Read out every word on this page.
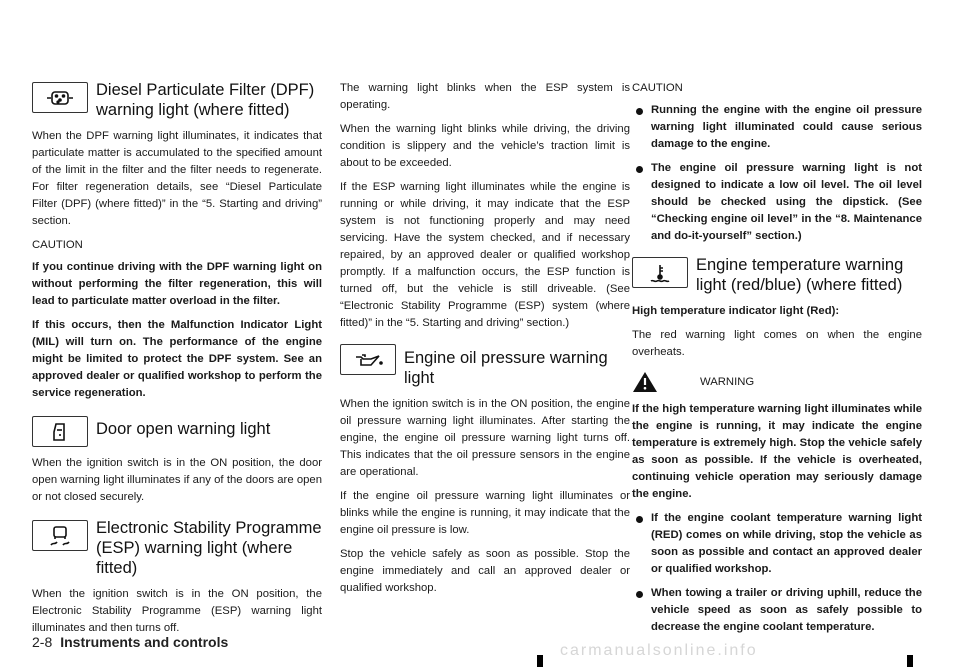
Diesel Particulate Filter (DPF) warning light (where fitted)

When the DPF warning light illuminates, it indicates that particulate matter is accumulated to the specified amount of the limit in the filter and the filter needs to regenerate. For filter regeneration details, see “Diesel Particulate Filter (DPF) (where fitted)” in the “5. Starting and driving” section.

CAUTION

If you continue driving with the DPF warning light on without performing the filter regeneration, this will lead to particulate matter overload in the filter.

If this occurs, then the Malfunction Indicator Light (MIL) will turn on. The performance of the engine might be limited to protect the DPF system. See an approved dealer or qualified workshop to perform the service regeneration.

Door open warning light

When the ignition switch is in the ON position, the door open warning light illuminates if any of the doors are open or not closed securely.

Electronic Stability Programme (ESP) warning light (where fitted)

When the ignition switch is in the ON position, the Electronic Stability Programme (ESP) warning light illuminates and then turns off.

The warning light blinks when the ESP system is operating.

When the warning light blinks while driving, the driving condition is slippery and the vehicle’s traction limit is about to be exceeded.

If the ESP warning light illuminates while the engine is running or while driving, it may indicate that the ESP system is not functioning properly and may need servicing. Have the system checked, and if necessary repaired, by an approved dealer or qualified workshop promptly. If a malfunction occurs, the ESP function is turned off, but the vehicle is still driveable. (See “Electronic Stability Programme (ESP) system (where fitted)” in the “5. Starting and driving” section.)

Engine oil pressure warning light

When the ignition switch is in the ON position, the engine oil pressure warning light illuminates. After starting the engine, the engine oil pressure warning light turns off. This indicates that the oil pressure sensors in the engine are operational.

If the engine oil pressure warning light illuminates or blinks while the engine is running, it may indicate that the engine oil pressure is low.

Stop the vehicle safely as soon as possible. Stop the engine immediately and call an approved dealer or qualified workshop.

CAUTION

Running the engine with the engine oil pressure warning light illuminated could cause serious damage to the engine.

The engine oil pressure warning light is not designed to indicate a low oil level. The oil level should be checked using the dipstick. (See “Checking engine oil level” in the “8. Maintenance and do-it-yourself” section.)

Engine temperature warning light (red/blue) (where fitted)

High temperature indicator light (Red):

The red warning light comes on when the engine overheats.

WARNING

If the high temperature warning light illuminates while the engine is running, it may indicate the engine temperature is extremely high. Stop the vehicle safely as soon as possible. If the vehicle is overheated, continuing vehicle operation may seriously damage the engine.

If the engine coolant temperature warning light (RED) comes on while driving, stop the vehicle as soon as possible and contact an approved dealer or qualified workshop.

When towing a trailer or driving uphill, reduce the vehicle speed as soon as safely possible to decrease the engine coolant temperature.

2-8 Instruments and controls	carmanualsonline.info
